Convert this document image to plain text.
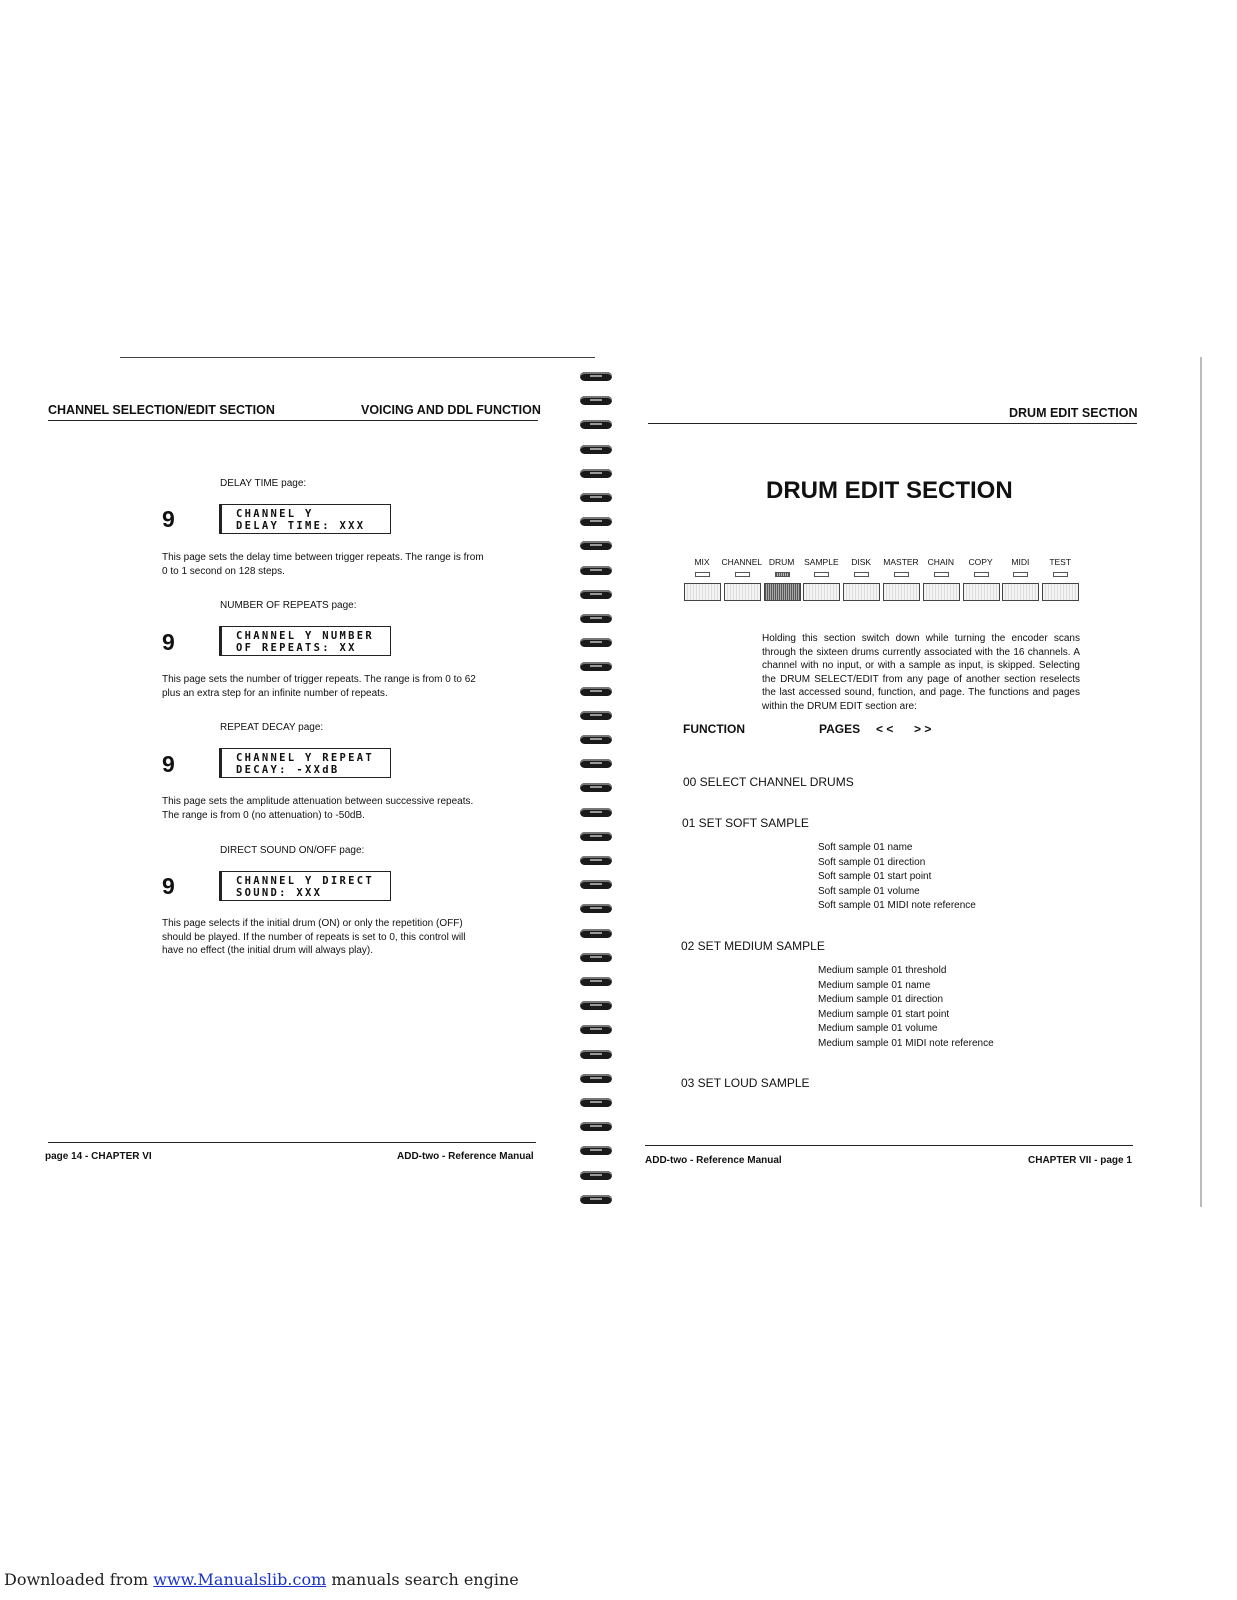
CHANNEL SELECTION/EDIT SECTION	VOICING AND DDL FUNCTION
DELAY TIME page:
9	CHANNEL Y
DELAY TIME: XXX
This page sets the delay time between trigger repeats. The range is from 0 to 1 second on 128 steps.
NUMBER OF REPEATS page:
9	CHANNEL Y NUMBER
OF REPEATS: XX
This page sets the number of trigger repeats. The range is from 0 to 62 plus an extra step for an infinite number of repeats.
REPEAT DECAY page:
9	CHANNEL Y REPEAT
DECAY: -XXdB
This page sets the amplitude attenuation between successive repeats. The range is from 0 (no attenuation) to -50dB.
DIRECT SOUND ON/OFF page:
9	CHANNEL Y DIRECT
SOUND: XXX
This page selects if the initial drum (ON) or only the repetition (OFF) should be played. If the number of repeats is set to 0, this control will have no effect (the initial drum will always play).
page 14 - CHAPTER VI	ADD-two - Reference Manual
DRUM EDIT SECTION
DRUM EDIT SECTION
MIX	CHANNEL DRUM	SAMPLE	DISK	MASTER	CHAIN	COPY	MIDI	TEST
Holding this section switch down while turning the encoder scans through the sixteen drums currently associated with the 16 channels. A channel with no input, or with a sample as input, is skipped. Selecting the DRUM SELECT/EDIT from any page of another section reselects the last accessed sound, function, and page. The functions and pages within the DRUM EDIT section are:
FUNCTION	PAGES < < > >
00 SELECT CHANNEL DRUMS
01 SET SOFT SAMPLE
Soft sample 01 name
Soft sample 01 direction
Soft sample 01 start point
Soft sample 01 volume
Soft sample 01 MIDI note reference
02 SET MEDIUM SAMPLE
Medium sample 01 threshold
Medium sample 01 name
Medium sample 01 direction
Medium sample 01 start point
Medium sample 01 volume
Medium sample 01 MIDI note reference
03 SET LOUD SAMPLE
ADD-two - Reference Manual	CHAPTER VII - page 1
Downloaded from www.Manualslib.com manuals search engine
